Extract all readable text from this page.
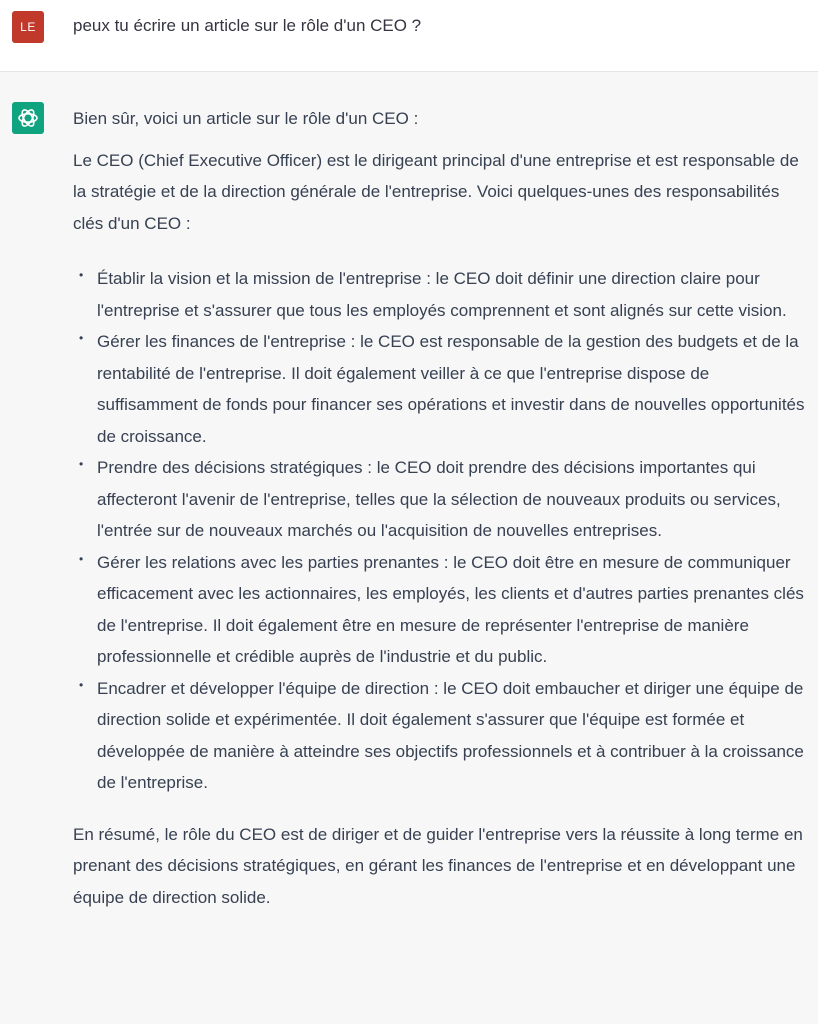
LE	peux tu écrire un article sur le rôle d'un CEO ?

Bien sûr, voici un article sur le rôle d'un CEO :

Le CEO (Chief Executive Officer) est le dirigeant principal d'une entreprise et est responsable de la stratégie et de la direction générale de l'entreprise. Voici quelques-unes des responsabilités clés d'un CEO :

• Établir la vision et la mission de l'entreprise : le CEO doit définir une direction claire pour l'entreprise et s'assurer que tous les employés comprennent et sont alignés sur cette vision.
• Gérer les finances de l'entreprise : le CEO est responsable de la gestion des budgets et de la rentabilité de l'entreprise. Il doit également veiller à ce que l'entreprise dispose de suffisamment de fonds pour financer ses opérations et investir dans de nouvelles opportunités de croissance.
• Prendre des décisions stratégiques : le CEO doit prendre des décisions importantes qui affecteront l'avenir de l'entreprise, telles que la sélection de nouveaux produits ou services, l'entrée sur de nouveaux marchés ou l'acquisition de nouvelles entreprises.
• Gérer les relations avec les parties prenantes : le CEO doit être en mesure de communiquer efficacement avec les actionnaires, les employés, les clients et d'autres parties prenantes clés de l'entreprise. Il doit également être en mesure de représenter l'entreprise de manière professionnelle et crédible auprès de l'industrie et du public.
• Encadrer et développer l'équipe de direction : le CEO doit embaucher et diriger une équipe de direction solide et expérimentée. Il doit également s'assurer que l'équipe est formée et développée de manière à atteindre ses objectifs professionnels et à contribuer à la croissance de l'entreprise.

En résumé, le rôle du CEO est de diriger et de guider l'entreprise vers la réussite à long terme en prenant des décisions stratégiques, en gérant les finances de l'entreprise et en développant une équipe de direction solide.
